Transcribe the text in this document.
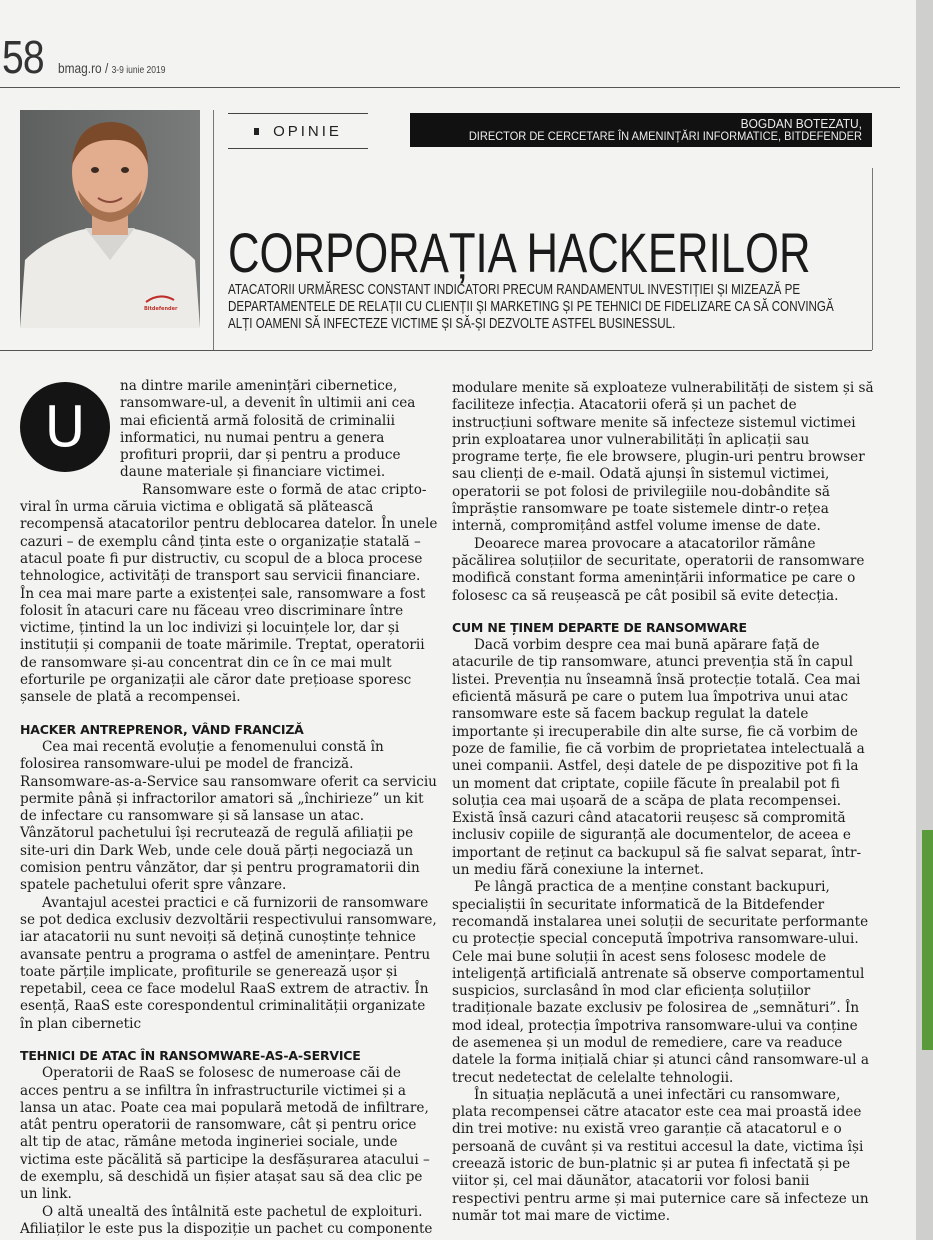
58 bmag.ro / 3-9 iunie 2019
Bitdefender
OPINIE	BOGDAN BOTEZATU,
DIRECTOR DE CERCETARE ÎN AMENINȚĂRI INFORMATICE, BITDEFENDER
CORPORAȚIA HACKERILOR
ATACATORII URMĂRESC CONSTANT INDICATORI PRECUM RANDAMENTUL INVESTIȚIEI ȘI MIZEAZĂ PE DEPARTAMENTELE DE RELAȚII CU CLIENȚII ȘI MARKETING ȘI PE TEHNICI DE FIDELIZARE CA SĂ CONVINGĂ ALȚI OAMENI SĂ INFECTEZE VICTIME ȘI SĂ-ȘI DEZVOLTE ASTFEL BUSINESSUL.
U

na dintre marile amenințări cibernetice, ransomware-ul, a devenit în ultimii ani cea mai eficientă armă folosită de criminalii informatici, nu numai pentru a genera profituri proprii, dar și pentru a produce daune materiale și financiare victimei.

Ransomware este o formă de atac cripto-viral în urma căruia victima e obligată să plătească recompensă atacatorilor pentru deblocarea datelor. În unele cazuri – de exemplu când ținta este o organizație statală – atacul poate fi pur distructiv, cu scopul de a bloca procese tehnologice, activități de transport sau servicii financiare. În cea mai mare parte a existenței sale, ransomware a fost folosit în atacuri care nu făceau vreo discriminare între victime, țintind la un loc indivizi și locuințele lor, dar și instituții și companii de toate mărimile. Treptat, operatorii de ransomware și-au concentrat din ce în ce mai mult eforturile pe organizații ale căror date prețioase sporesc șansele de plată a recompensei.

HACKER ANTREPRENOR, VÂND FRANCIZĂ

Cea mai recentă evoluție a fenomenului constă în folosirea ransomware-ului pe model de franciză. Ransomware-as-a-Service sau ransomware oferit ca serviciu permite până și infractorilor amatori să „închirieze” un kit de infectare cu ransomware și să lansase un atac. Vânzătorul pachetului își recrutează de regulă afiliații pe site-uri din Dark Web, unde cele două părți negociază un comision pentru vânzător, dar și pentru programatorii din spatele pachetului oferit spre vânzare.

Avantajul acestei practici e că furnizorii de ransomware se pot dedica exclusiv dezvoltării respectivului ransomware, iar atacatorii nu sunt nevoiți să dețină cunoștințe tehnice avansate pentru a programa o astfel de amenințare. Pentru toate părțile implicate, profiturile se generează ușor și repetabil, ceea ce face modelul RaaS extrem de atractiv. În esență, RaaS este corespondentul criminalității organizate în plan cibernetic

TEHNICI DE ATAC ÎN RANSOMWARE-AS-A-SERVICE

Operatorii de RaaS se folosesc de numeroase căi de acces pentru a se infiltra în infrastructurile victimei și a lansa un atac. Poate cea mai populară metodă de infiltrare, atât pentru operatorii de ransomware, cât și pentru orice alt tip de atac, rămâne metoda ingineriei sociale, unde victima este păcălită să participe la desfășurarea atacului – de exemplu, să deschidă un fișier atașat sau să dea clic pe un link.

O altă unealtă des întâlnită este pachetul de exploituri. Afiliaților le este pus la dispoziție un pachet cu componente

modulare menite să exploateze vulnerabilități de sistem și să faciliteze infecția. Atacatorii oferă și un pachet de instrucțiuni software menite să infecteze sistemul victimei prin exploatarea unor vulnerabilități în aplicații sau programe terțe, fie ele browsere, plugin-uri pentru browser sau clienți de e-mail. Odată ajunși în sistemul victimei, operatorii se pot folosi de privilegiile nou-dobândite să împrăștie ransomware pe toate sistemele dintr-o rețea internă, compromițând astfel volume imense de date.

Deoarece marea provocare a atacatorilor rămâne păcălirea soluțiilor de securitate, operatorii de ransomware modifică constant forma amenințării informatice pe care o folosesc ca să reușească pe cât posibil să evite detecția.

CUM NE ȚINEM DEPARTE DE RANSOMWARE

Dacă vorbim despre cea mai bună apărare față de atacurile de tip ransomware, atunci prevenția stă în capul listei. Prevenția nu înseamnă însă protecție totală. Cea mai eficientă măsură pe care o putem lua împotriva unui atac ransomware este să facem backup regulat la datele importante și irecuperabile din alte surse, fie că vorbim de poze de familie, fie că vorbim de proprietatea intelectuală a unei companii. Astfel, deși datele de pe dispozitive pot fi la un moment dat criptate, copiile făcute în prealabil pot fi soluția cea mai ușoară de a scăpa de plata recompensei. Există însă cazuri când atacatorii reușesc să compromită inclusiv copiile de siguranță ale documentelor, de aceea e important de reținut ca backupul să fie salvat separat, într-un mediu fără conexiune la internet.

Pe lângă practica de a menține constant backupuri, specialiștii în securitate informatică de la Bitdefender recomandă instalarea unei soluții de securitate performante cu protecție special concepută împotriva ransomware-ului. Cele mai bune soluții în acest sens folosesc modele de inteligență artificială antrenate să observe comportamentul suspicios, surclasând în mod clar eficiența soluțiilor tradiționale bazate exclusiv pe folosirea de „semnături”. În mod ideal, protecția împotriva ransomware-ului va conține de asemenea și un modul de remediere, care va readuce datele la forma inițială chiar și atunci când ransomware-ul a trecut nedetectat de celelalte tehnologii.

În situația neplăcută a unei infectări cu ransomware, plata recompensei către atacator este cea mai proastă idee din trei motive: nu există vreo garanție că atacatorul e o persoană de cuvânt și va restitui accesul la date, victima își creează istoric de bun-platnic și ar putea fi infectată și pe viitor și, cel mai dăunător, atacatorii vor folosi banii respectivi pentru arme și mai puternice care să infecteze un număr tot mai mare de victime.
